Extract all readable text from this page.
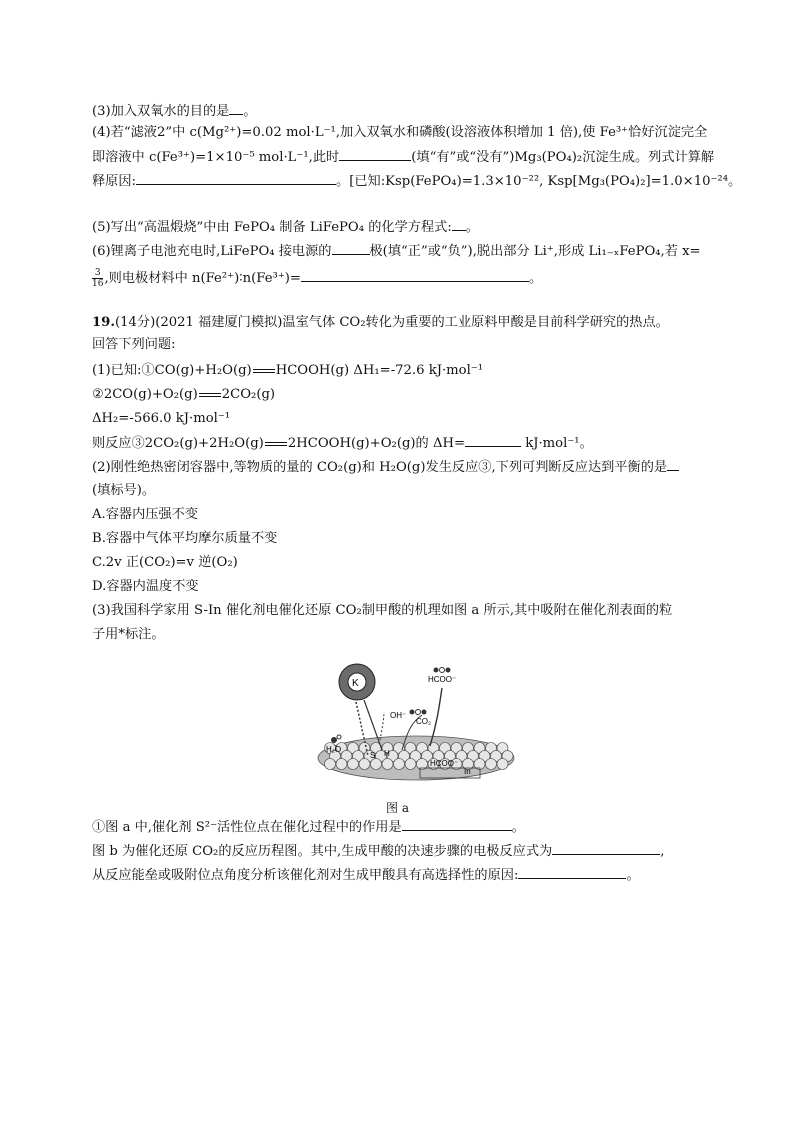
(3)加入双氧水的目的是 。
(4)若“滤液2”中 c(Mg²⁺)=0.02 mol·L⁻¹,加入双氧水和磷酸(设溶液体积增加 1 倍),使 Fe³⁺恰好沉淀完全
即溶液中 c(Fe³⁺)=1×10⁻⁵ mol·L⁻¹,此时	(填“有”或“没有”)Mg₃(PO₄)₂沉淀生成。列式计算解
释原因:	。[已知:Ksp(FePO₄)=1.3×10⁻²², Ksp[Mg₃(PO₄)₂]=1.0×10⁻²⁴。
(5)写出“高温煅烧”中由 FePO₄ 制备 LiFePO₄ 的化学方程式: 。
(6)锂离子电池充电时,LiFePO₄ 接电源的	极(填“正”或“负”),脱出部分 Li⁺,形成 Li₁₋ₓFePO₄,若 x=
$\frac{3}{16}$,则电极材料中 n(Fe²⁺)∶n(Fe³⁺)=	。
19.(14分)(2021 福建厦门模拟)温室气体 CO₂转化为重要的工业原料甲酸是目前科学研究的热点。
回答下列问题:
(1)已知:①CO(g)+H₂O(g) HCOOH(g) ΔH₁=-72.6 kJ·mol⁻¹
②2CO(g)+O₂(g) 2CO₂(g)
ΔH₂=-566.0 kJ·mol⁻¹
则反应③2CO₂(g)+2H₂O(g) 2HCOOH(g)+O₂(g)的 ΔH=	kJ·mol⁻¹。
(2)刚性绝热密闭容器中,等物质的量的 CO₂(g)和 H₂O(g)发生反应③,下列可判断反应达到平衡的是
(填标号)。
A.容器内压强不变
B.容器中气体平均摩尔质量不变
C.2v 正(CO₂)=v 逆(O₂)
D.容器内温度不变
(3)我国科学家用 S-In 催化剂电催化还原 CO₂制甲酸的机理如图 a 所示,其中吸附在催化剂表面的粒
子用*标注。
K	HCOO⁻
OH⁻
CO₂
H₂O
S H
HCOO⁻
In
图 a
①图 a 中,催化剂 S²⁻活性位点在催化过程中的作用是	。
图 b 为催化还原 CO₂的反应历程图。其中,生成甲酸的决速步骤的电极反应式为	,
从反应能垒或吸附位点角度分析该催化剂对生成甲酸具有高选择性的原因:	。
